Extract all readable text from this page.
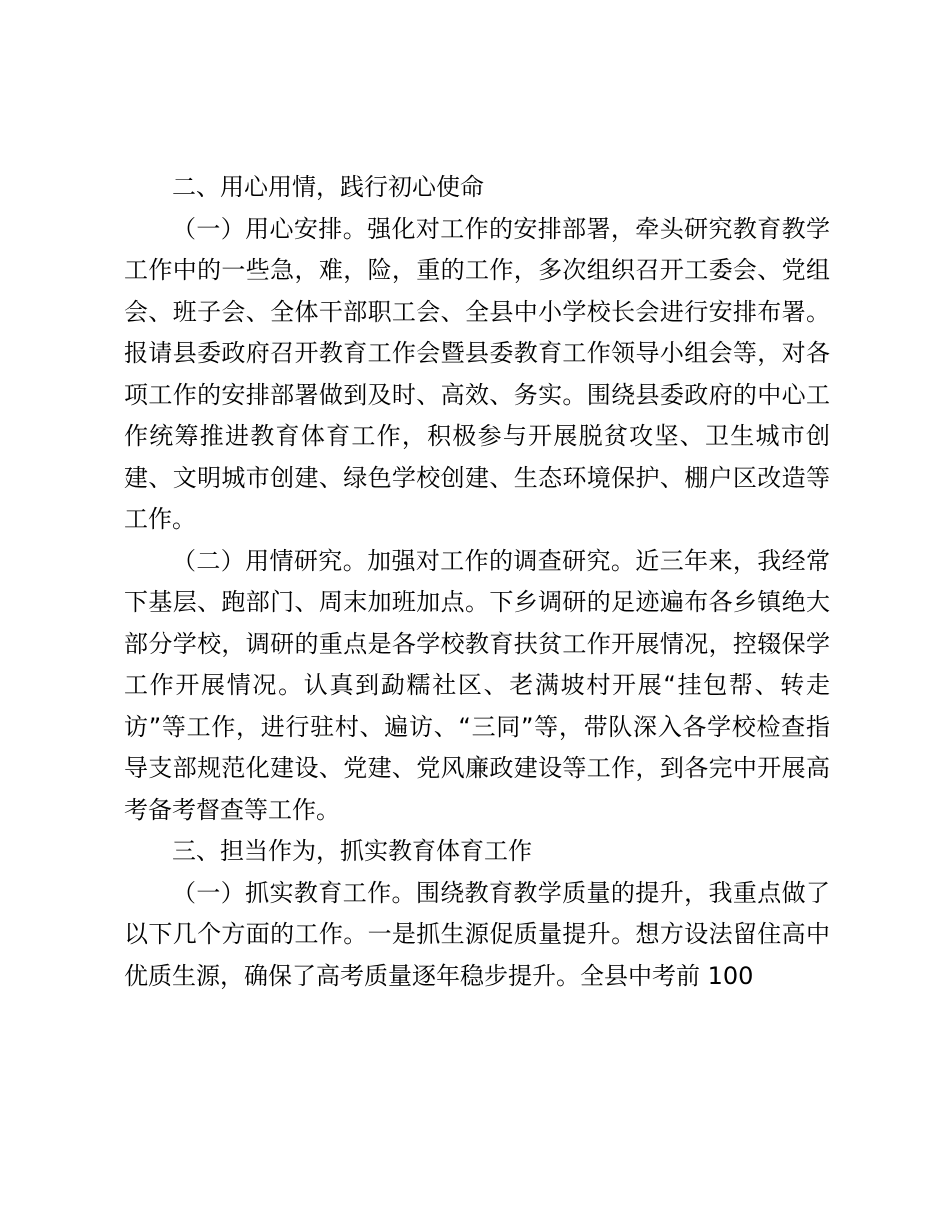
二、用心用情，践行初心使命

（一）用心安排。强化对工作的安排部署，牵头研究教育教学工作中的一些急，难，险，重的工作，多次组织召开工委会、党组会、班子会、全体干部职工会、全县中小学校长会进行安排布署。报请县委政府召开教育工作会暨县委教育工作领导小组会等，对各项工作的安排部署做到及时、高效、务实。围绕县委政府的中心工作统筹推进教育体育工作，积极参与开展脱贫攻坚、卫生城市创建、文明城市创建、绿色学校创建、生态环境保护、棚户区改造等工作。

（二）用情研究。加强对工作的调查研究。近三年来，我经常下基层、跑部门、周末加班加点。下乡调研的足迹遍布各乡镇绝大部分学校，调研的重点是各学校教育扶贫工作开展情况，控辍保学工作开展情况。认真到勐糯社区、老满坡村开展“挂包帮、转走访”等工作，进行驻村、遍访、“三同”等，带队深入各学校检查指导支部规范化建设、党建、党风廉政建设等工作，到各完中开展高考备考督查等工作。

三、担当作为，抓实教育体育工作

（一）抓实教育工作。围绕教育教学质量的提升，我重点做了以下几个方面的工作。一是抓生源促质量提升。想方设法留住高中优质生源，确保了高考质量逐年稳步提升。全县中考前 100
